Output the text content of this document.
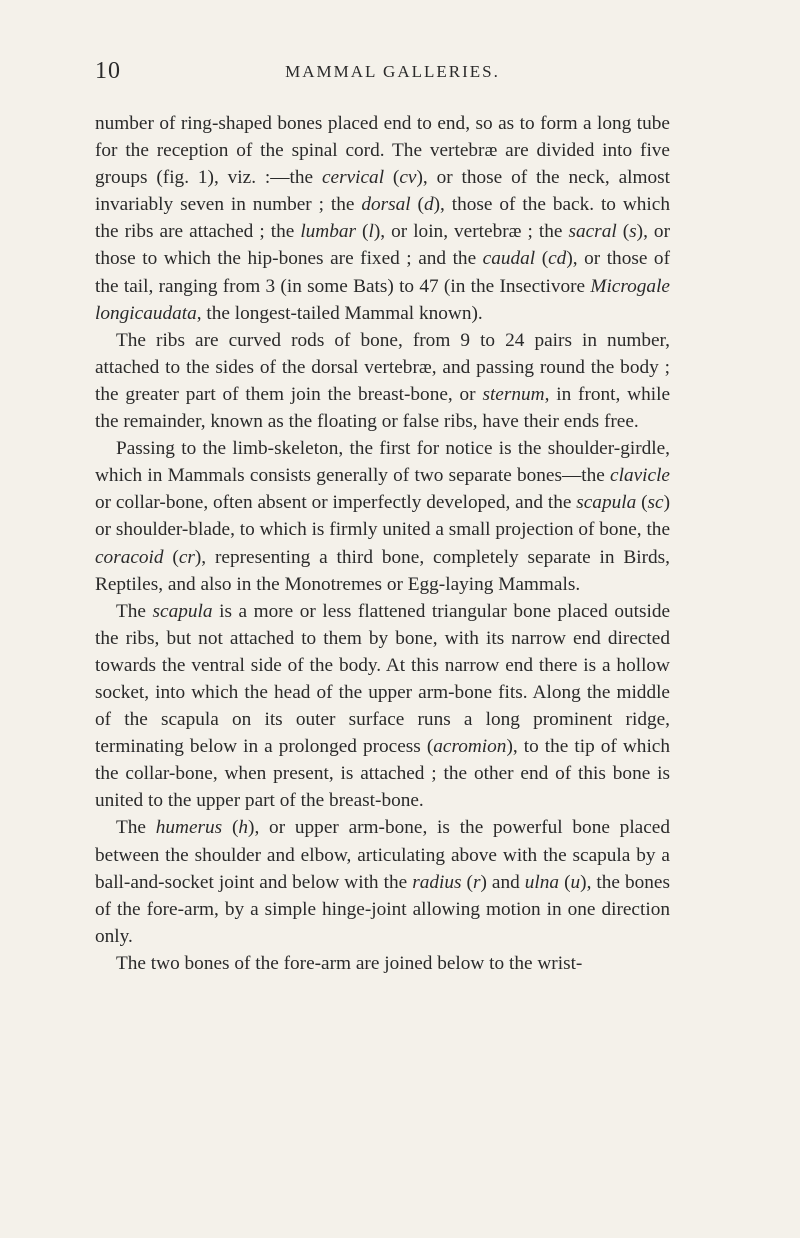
10	MAMMAL GALLERIES.

number of ring-shaped bones placed end to end, so as to form a long tube for the reception of the spinal cord. The vertebræ are divided into five groups (fig. 1), viz. :—the cervical (cv), or those of the neck, almost invariably seven in number ; the dorsal (d), those of the back. to which the ribs are attached ; the lumbar (l), or loin, vertebræ ; the sacral (s), or those to which the hip-bones are fixed ; and the caudal (cd), or those of the tail, ranging from 3 (in some Bats) to 47 (in the Insectivore Microgale longicaudata, the longest-tailed Mammal known).

The ribs are curved rods of bone, from 9 to 24 pairs in number, attached to the sides of the dorsal vertebræ, and passing round the body ; the greater part of them join the breast-bone, or sternum, in front, while the remainder, known as the floating or false ribs, have their ends free.

Passing to the limb-skeleton, the first for notice is the shoulder-girdle, which in Mammals consists generally of two separate bones—the clavicle or collar-bone, often absent or imperfectly developed, and the scapula (sc) or shoulder-blade, to which is firmly united a small projection of bone, the coracoid (cr), representing a third bone, completely separate in Birds, Reptiles, and also in the Monotremes or Egg-laying Mammals.

The scapula is a more or less flattened triangular bone placed outside the ribs, but not attached to them by bone, with its narrow end directed towards the ventral side of the body. At this narrow end there is a hollow socket, into which the head of the upper arm-bone fits. Along the middle of the scapula on its outer surface runs a long prominent ridge, terminating below in a prolonged process (acromion), to the tip of which the collar-bone, when present, is attached ; the other end of this bone is united to the upper part of the breast-bone.

The humerus (h), or upper arm-bone, is the powerful bone placed between the shoulder and elbow, articulating above with the scapula by a ball-and-socket joint and below with the radius (r) and ulna (u), the bones of the fore-arm, by a simple hinge-joint allowing motion in one direction only.

The two bones of the fore-arm are joined below to the wrist-
